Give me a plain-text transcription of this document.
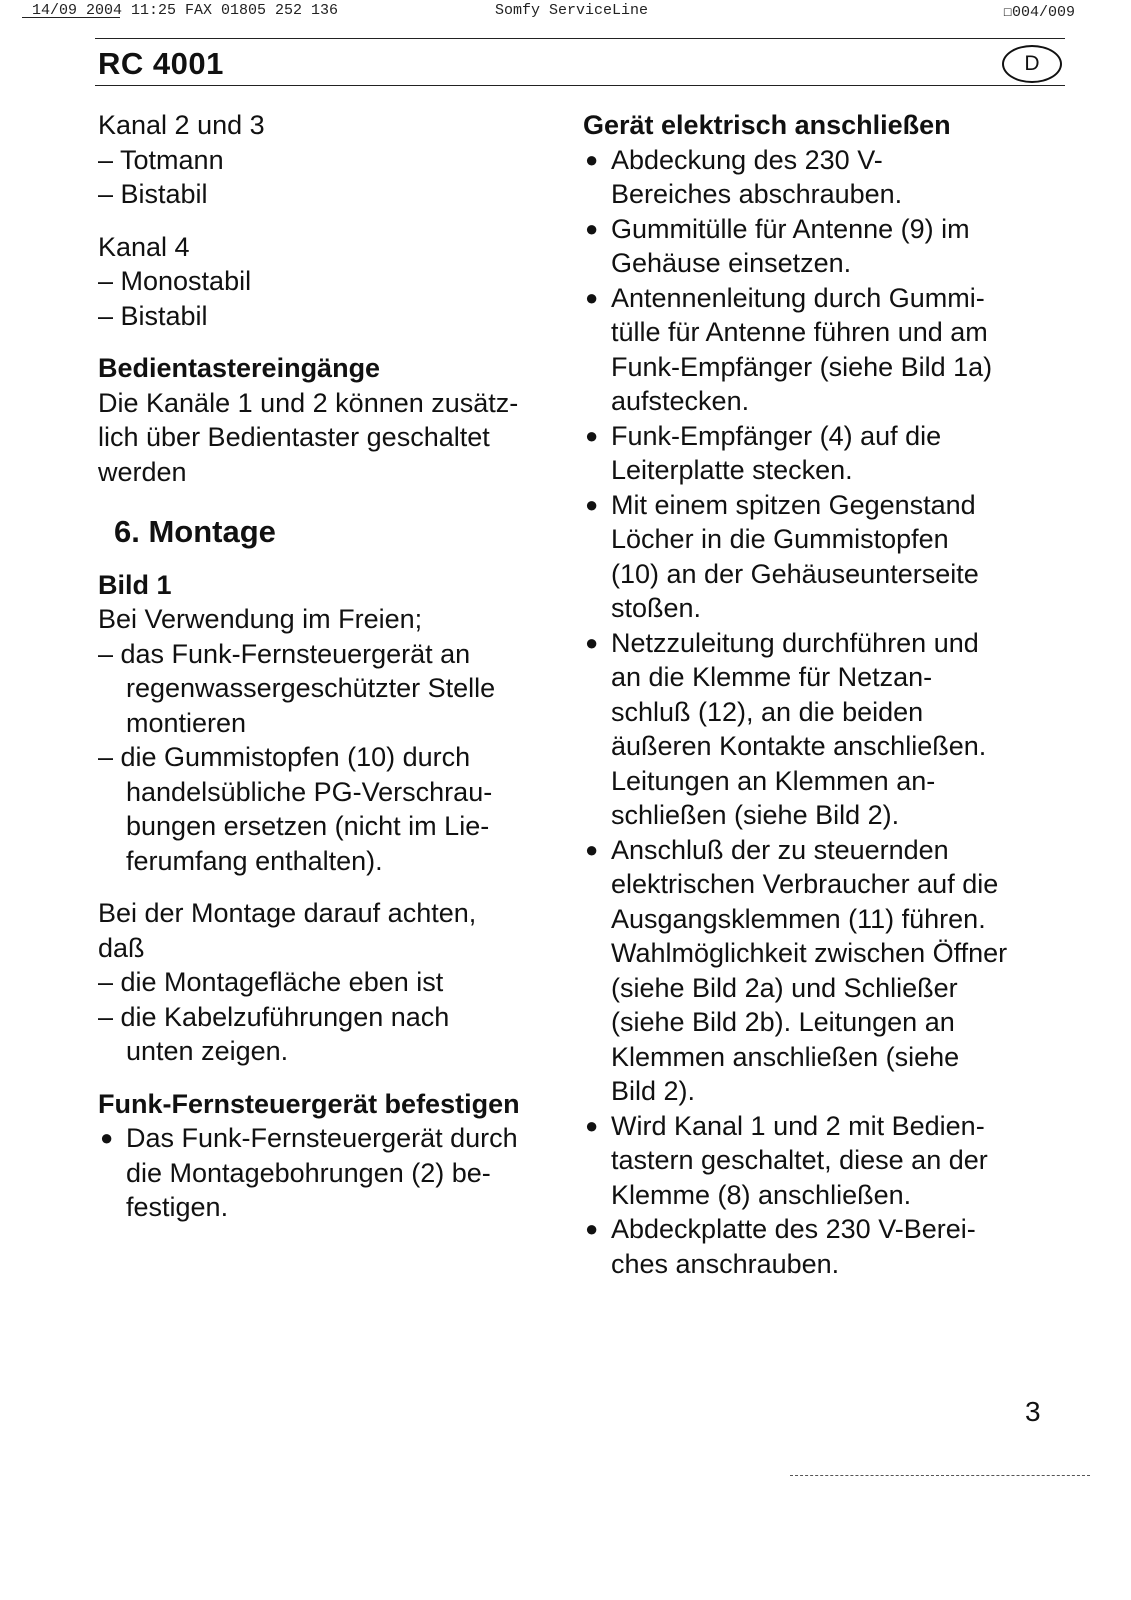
14/09 2004 11:25 FAX 01805 252 136	Somfy ServiceLine	☐004/009
RC 4001	D
Kanal 2 und 3
– Totmann
– Bistabil
Kanal 4
– Monostabil
– Bistabil
Bedientastereingänge
Die Kanäle 1 und 2 können zusätz-
lich über Bedientaster geschaltet
werden
6. Montage
Bild 1
Bei Verwendung im Freien;
– das Funk-Fernsteuergerät an
regenwassergeschützter Stelle
montieren
– die Gummistopfen (10) durch
handelsübliche PG-Verschrau-
bungen ersetzen (nicht im Lie-
ferumfang enthalten).
Bei der Montage darauf achten,
daß
– die Montagefläche eben ist
– die Kabelzuführungen nach
unten zeigen.
Funk-Fernsteuergerät befestigen
● Das Funk-Fernsteuergerät durch
die Montagebohrungen (2) be-
festigen.
Gerät elektrisch anschließen
● Abdeckung des 230 V-
Bereiches abschrauben.
● Gummitülle für Antenne (9) im
Gehäuse einsetzen.
● Antennenleitung durch Gummi-
tülle für Antenne führen und am
Funk-Empfänger (siehe Bild 1a)
aufstecken.
● Funk-Empfänger (4) auf die
Leiterplatte stecken.
● Mit einem spitzen Gegenstand
Löcher in die Gummistopfen
(10) an der Gehäuseunterseite
stoßen.
● Netzzuleitung durchführen und
an die Klemme für Netzan-
schluß (12), an die beiden
äußeren Kontakte anschließen.
Leitungen an Klemmen an-
schließen (siehe Bild 2).
● Anschluß der zu steuernden
elektrischen Verbraucher auf die
Ausgangsklemmen (11) führen.
Wahlmöglichkeit zwischen Öffner
(siehe Bild 2a) und Schließer
(siehe Bild 2b). Leitungen an
Klemmen anschließen (siehe
Bild 2).
● Wird Kanal 1 und 2 mit Bedien-
tastern geschaltet, diese an der
Klemme (8) anschließen.
● Abdeckplatte des 230 V-Berei-
ches anschrauben.
3
